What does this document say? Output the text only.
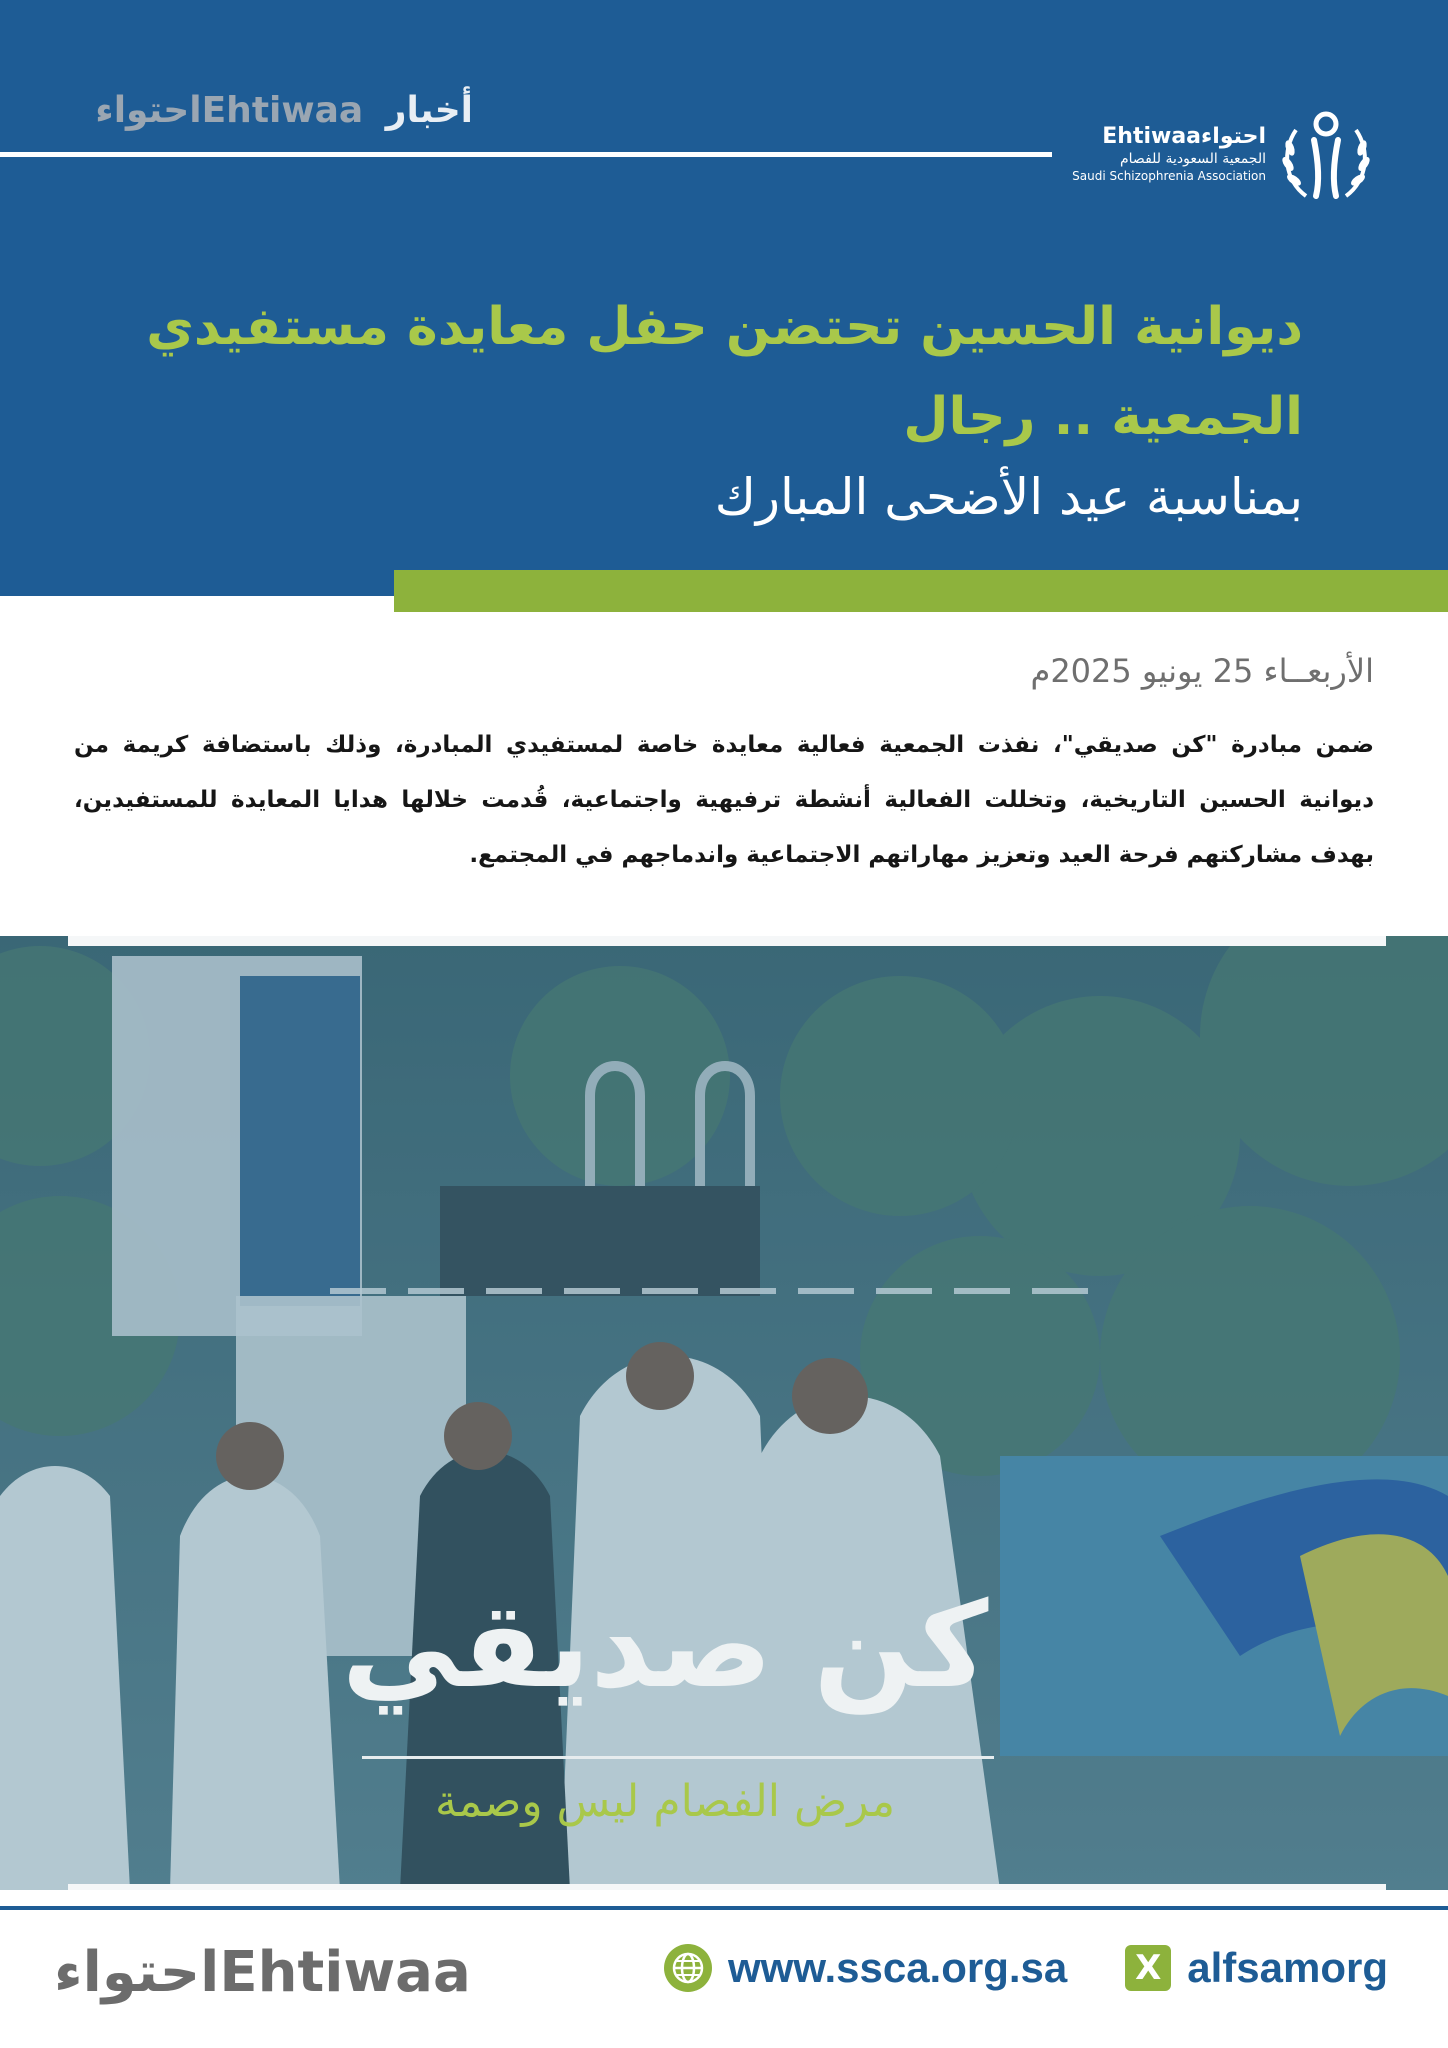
أخبار Ehtiwaaاحتواء
Ehtiwaaاحتواء
الجمعية السعودية للفصام
Saudi Schizophrenia Association
ديوانية الحسين تحتضن حفل معايدة مستفيدي الجمعية .. رجال
بمناسبة عيد الأضحى المبارك
الأربعــاء 25 يونيو 2025م
ضمن مبادرة "كن صديقي"، نفذت الجمعية فعالية معايدة خاصة لمستفيدي المبادرة، وذلك باستضافة كريمة من ديوانية الحسين التاريخية، وتخللت الفعالية أنشطة ترفيهية واجتماعية، قُدمت خلالها هدايا المعايدة للمستفيدين، بهدف مشاركتهم فرحة العيد وتعزيز مهاراتهم الاجتماعية واندماجهم في المجتمع.
كن صديقي
مرض الفصام ليس وصمة
Ehtiwaaاحتواء	www.ssca.org.sa X alfsamorg
